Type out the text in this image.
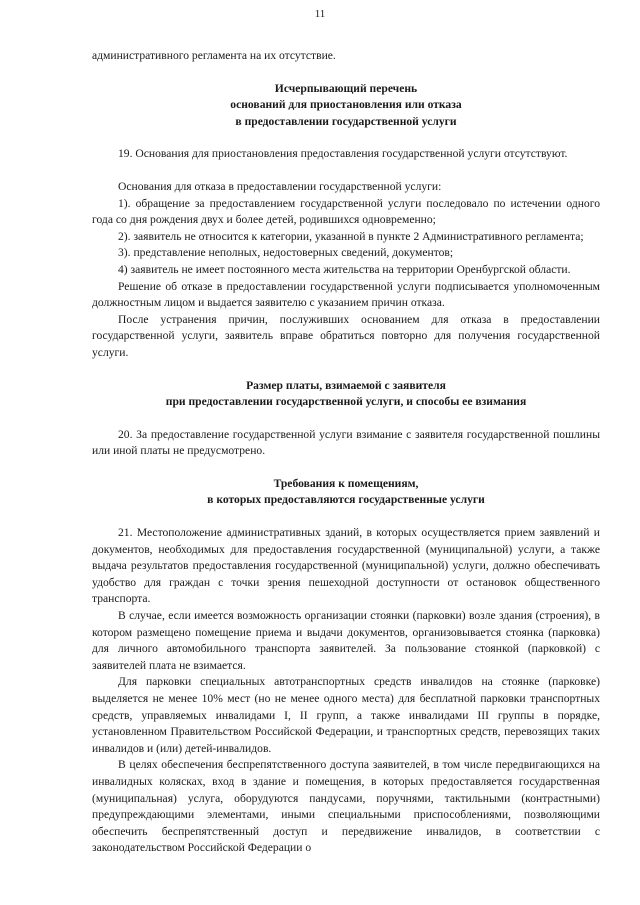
11

административного регламента на их отсутствие.

Исчерпывающий перечень

оснований для приостановления или отказа

в предоставлении государственной услуги

19. Основания для приостановления предоставления государственной услуги отсутствуют.

Основания для отказа в предоставлении государственной услуги:

1). обращение за предоставлением государственной услуги последовало по истечении одного года со дня рождения двух и более детей, родившихся одновременно;

2). заявитель не относится к категории, указанной в пункте 2 Административного регламента;

3). представление неполных, недостоверных сведений, документов;

4) заявитель не имеет постоянного места жительства на территории Оренбургской области.

Решение об отказе в предоставлении государственной услуги подписывается уполномоченным должностным лицом и выдается заявителю с указанием причин отказа.

После устранения причин, послуживших основанием для отказа в предоставлении государственной услуги, заявитель вправе обратиться повторно для получения государственной услуги.

Размер платы, взимаемой с заявителя

при предоставлении государственной услуги, и способы ее взимания

20. За предоставление государственной услуги взимание с заявителя государственной пошлины или иной платы не предусмотрено.

Требования к помещениям,

в которых предоставляются государственные услуги

21. Местоположение административных зданий, в которых осуществляется прием заявлений и документов, необходимых для предоставления государственной (муниципальной) услуги, а также выдача результатов предоставления государственной (муниципальной) услуги, должно обеспечивать удобство для граждан с точки зрения пешеходной доступности от остановок общественного транспорта.

В случае, если имеется возможность организации стоянки (парковки) возле здания (строения), в котором размещено помещение приема и выдачи документов, организовывается стоянка (парковка) для личного автомобильного транспорта заявителей. За пользование стоянкой (парковкой) с заявителей плата не взимается.

Для парковки специальных автотранспортных средств инвалидов на стоянке (парковке) выделяется не менее 10% мест (но не менее одного места) для бесплатной парковки транспортных средств, управляемых инвалидами I, II групп, а также инвалидами III группы в порядке, установленном Правительством Российской Федерации, и транспортных средств, перевозящих таких инвалидов и (или) детей-инвалидов.

В целях обеспечения беспрепятственного доступа заявителей, в том числе передвигающихся на инвалидных колясках, вход в здание и помещения, в которых предоставляется государственная (муниципальная) услуга, оборудуются пандусами, поручнями, тактильными (контрастными) предупреждающими элементами, иными специальными приспособлениями, позволяющими обеспечить беспрепятственный доступ и передвижение инвалидов, в соответствии с законодательством Российской Федерации о
